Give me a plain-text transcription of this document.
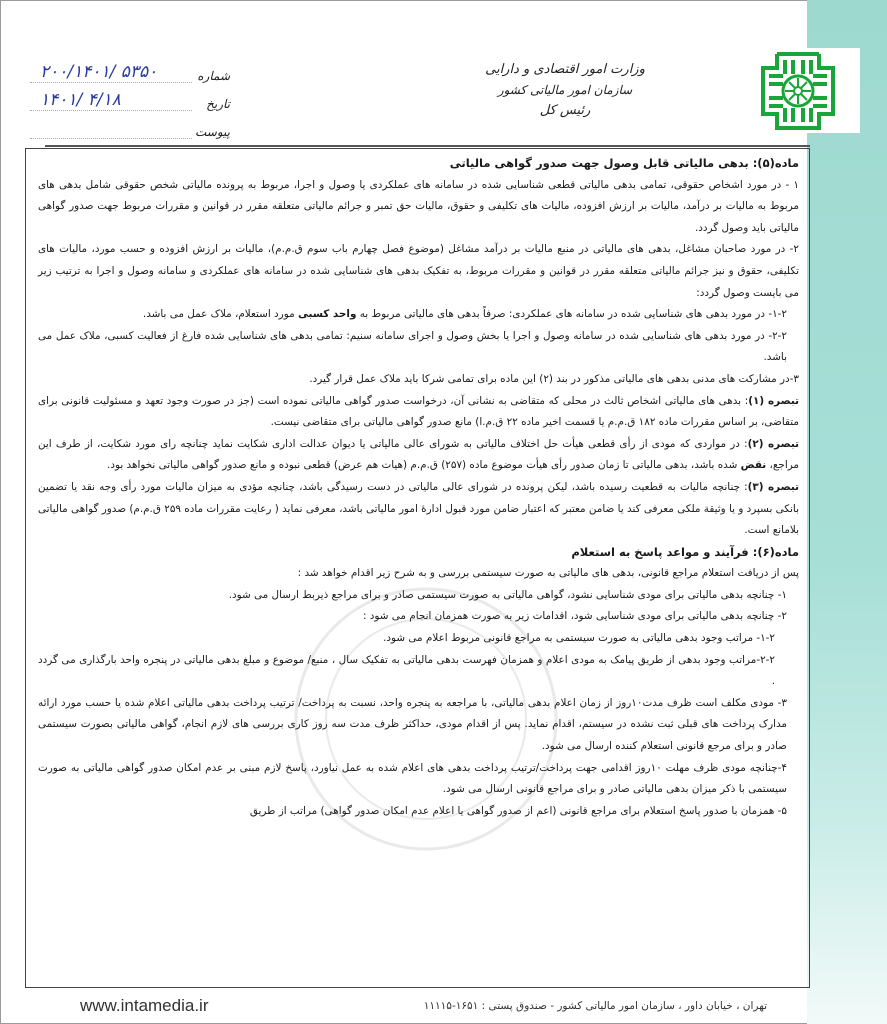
وزارت امور اقتصادی و دارایی
سازمان امور مالیاتی کشور
رئیس کل
شماره
۲۰۰/۱۴۰۱/ ۵۳۵۰
تاریخ
۱۴۰۱/ ۴/۱۸
پیوست

ماده(۵): بدهی مالیاتی قابل وصول جهت صدور گواهی مالیاتی

۱ - در مورد اشخاص حقوقی، تمامی بدهی مالیاتی قطعی شناسایی شده در سامانه های عملکردی یا وصول و اجرا، مربوط به پرونده مالیاتی شخص حقوقی شامل بدهی های مربوط به مالیات بر درآمد، مالیات بر ارزش افزوده، مالیات های تکلیفی و حقوق، مالیات حق تمبر و جرائم مالیاتی متعلقه مقرر در قوانین و مقررات مربوط جهت صدور گواهی مالیاتی باید وصول گردد.

۲- در مورد صاحبان مشاغل، بدهی های مالیاتی در منبع مالیات بر درآمد مشاغل (موضوع فصل چهارم باب سوم ق.م.م)، مالیات بر ارزش افزوده و حسب مورد، مالیات های تکلیفی، حقوق و نیز جرائم مالیاتی متعلقه مقرر در قوانین و مقررات مربوط، به تفکیک بدهی های شناسایی شده در سامانه های عملکردی و سامانه وصول و اجرا به ترتیب زیر می بایست وصول گردد:

۱-۲- در مورد بدهی های شناسایی شده در سامانه های عملکردی: صرفاً بدهی های مالیاتی مربوط به واحد کسبی مورد استعلام، ملاک عمل می باشد.

۲-۲- در مورد بدهی های شناسایی شده در سامانه وصول و اجرا یا بخش وصول و اجرای سامانه سنیم: تمامی بدهی های شناسایی شده فارغ از فعالیت کسبی، ملاک عمل می باشد.

۳-در مشارکت های مدنی بدهی های مالیاتی مذکور در بند (۲) این ماده برای تمامی شرکا باید ملاک عمل قرار گیرد.

تبصره (۱): بدهی های مالیاتی اشخاص ثالث در محلی که متقاضی به نشانی آن، درخواست صدور گواهی مالیاتی نموده است (جز در صورت وجود تعهد و مسئولیت قانونی برای متقاضی، بر اساس مقررات ماده ۱۸۲ ق.م.م یا قسمت اخیر ماده ۲۲ ق.م.ا) مانع صدور گواهی مالیاتی برای متقاضی نیست.

تبصره (۲): در مواردی که مودی از رأی قطعی هیأت حل اختلاف مالیاتی به شورای عالی مالیاتی یا دیوان عدالت اداری شکایت نماید چنانچه رای مورد شکایت، از طرف این مراجع، نقض شده باشد، بدهی مالیاتی تا زمان صدور رأی هیأت موضوع ماده (۲۵۷) ق.م.م (هیات هم عرض) قطعی نبوده و مانع صدور گواهی مالیاتی نخواهد بود.

تبصره (۳): چنانچه مالیات به قطعیت رسیده باشد، لیکن پرونده در شورای عالی مالیاتی در دست رسیدگی باشد، چنانچه مؤدی به میزان مالیات مورد رأی وجه نقد یا تضمین بانکی بسپرد و یا وثیقة ملکی معرفی کند یا ضامن معتبر که اعتبار ضامن مورد قبول ادارهٔ امور مالیاتی باشد، معرفی نماید ( رعایت مقررات ماده ۲۵۹ ق.م.م) صدور گواهی مالیاتی بلامانع است.

ماده(۶): فرآیند و مواعد پاسخ به استعلام

پس از دریافت استعلام مراجع قانونی، بدهی های مالیاتی به صورت سیستمی بررسی و به شرح زیر اقدام خواهد شد :

۱- چنانچه بدهی مالیاتی برای مودی شناسایی نشود، گواهی مالیاتی به صورت سیستمی صادر و برای مراجع ذیربط ارسال می شود.

۲- چنانچه بدهی مالیاتی برای مودی شناسایی شود، اقدامات زیر به صورت همزمان انجام می شود :

۱-۲- مراتب وجود بدهی مالیاتی به صورت سیستمی به مراجع قانونی مربوط اعلام می شود.

۲-۲-مراتب وجود بدهی از طریق پیامک به مودی اعلام و همزمان فهرست بدهی مالیاتی به تفکیک سال ، منبع/ موضوع و مبلغ بدهی مالیاتی در پنجره واحد بارگذاری می گردد .

۳- مودی مکلف است ظرف مدت۱۰روز از زمان اعلام بدهی مالیاتی، با مراجعه به پنجره واحد، نسبت به پرداخت/ ترتیب پرداخت بدهی مالیاتی اعلام شده یا حسب مورد ارائه مدارک پرداخت های قبلی ثبت نشده در سیستم، اقدام نماید. پس از اقدام مودی، حداکثر ظرف مدت سه روز کاری بررسی های لازم انجام، گواهی مالیاتی بصورت سیستمی صادر و برای مرجع قانونی استعلام کننده ارسال می شود.

۴-چنانچه مودی ظرف مهلت ۱۰روز اقدامی جهت پرداخت/ترتیب پرداخت بدهی های اعلام شده به عمل نیاورد، پاسخ لازم مبنی بر عدم امکان صدور گواهی مالیاتی به صورت سیستمی با ذکر میزان بدهی مالیاتی صادر و برای مراجع قانونی ارسال می شود.

۵- همزمان با صدور پاسخ استعلام برای مراجع قانونی (اعم از صدور گواهی یا اعلام عدم امکان صدور گواهی) مراتب از طریق

www.intamedia.ir	تهران ، خیابان داور ، سازمان امور مالیاتی کشور - صندوق پستی : ۱۶۵۱-۱۱۱۱۵
